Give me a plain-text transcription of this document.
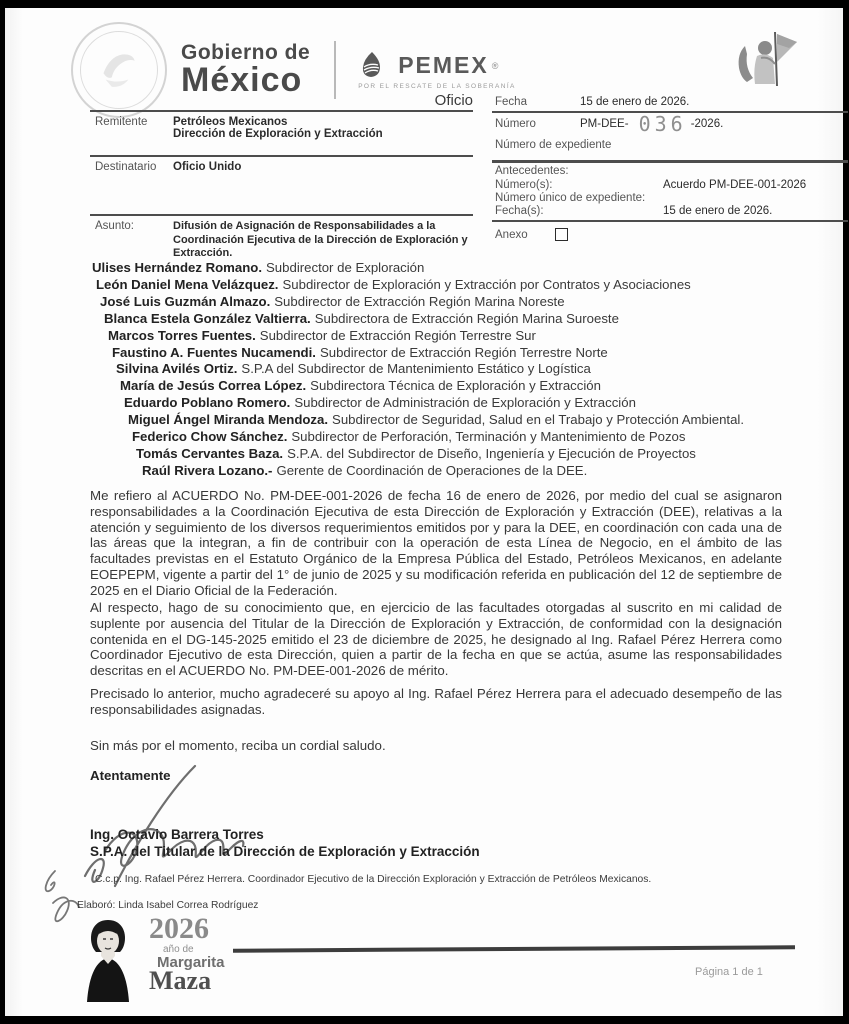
Gobierno de
México	PEMEX ®
POR EL RESCATE DE LA SOBERANÍA
Oficio
Remitente	Petróleos Mexicanos
Dirección de Exploración y Extracción
Destinatario	Oficio Unido
Asunto:	Difusión de Asignación de Responsabilidades a la Coordinación Ejecutiva de la Dirección de Exploración y Extracción.
Fecha	15 de enero de 2026.
Número	PM-DEE- 036 -2026.
Número de expediente
Antecedentes:
Número(s):	Acuerdo PM-DEE-001-2026
Número único de expediente:
Fecha(s):	15 de enero de 2026.
Anexo
Ulises Hernández Romano. Subdirector de Exploración
León Daniel Mena Velázquez. Subdirector de Exploración y Extracción por Contratos y Asociaciones
José Luis Guzmán Almazo. Subdirector de Extracción Región Marina Noreste
Blanca Estela González Valtierra. Subdirectora de Extracción Región Marina Suroeste
Marcos Torres Fuentes. Subdirector de Extracción Región Terrestre Sur
Faustino A. Fuentes Nucamendi. Subdirector de Extracción Región Terrestre Norte
Silvina Avilés Ortiz. S.P.A del Subdirector de Mantenimiento Estático y Logística
María de Jesús Correa López. Subdirectora Técnica de Exploración y Extracción
Eduardo Poblano Romero. Subdirector de Administración de Exploración y Extracción
Miguel Ángel Miranda Mendoza. Subdirector de Seguridad, Salud en el Trabajo y Protección Ambiental.
Federico Chow Sánchez. Subdirector de Perforación, Terminación y Mantenimiento de Pozos
Tomás Cervantes Baza. S.P.A. del Subdirector de Diseño, Ingeniería y Ejecución de Proyectos
Raúl Rivera Lozano.- Gerente de Coordinación de Operaciones de la DEE.
Me refiero al ACUERDO No. PM-DEE-001-2026 de fecha 16 de enero de 2026, por medio del cual se asignaron responsabilidades a la Coordinación Ejecutiva de esta Dirección de Exploración y Extracción (DEE), relativas a la atención y seguimiento de los diversos requerimientos emitidos por y para la DEE, en coordinación con cada una de las áreas que la integran, a fin de contribuir con la operación de esta Línea de Negocio, en el ámbito de las facultades previstas en el Estatuto Orgánico de la Empresa Pública del Estado, Petróleos Mexicanos, en adelante EOEPEPM, vigente a partir del 1° de junio de 2025 y su modificación referida en publicación del 12 de septiembre de 2025 en el Diario Oficial de la Federación.
Al respecto, hago de su conocimiento que, en ejercicio de las facultades otorgadas al suscrito en mi calidad de suplente por ausencia del Titular de la Dirección de Exploración y Extracción, de conformidad con la designación contenida en el DG-145-2025 emitido el 23 de diciembre de 2025, he designado al Ing. Rafael Pérez Herrera como Coordinador Ejecutivo de esta Dirección, quien a partir de la fecha en que se actúa, asume las responsabilidades descritas en el ACUERDO No. PM-DEE-001-2026 de mérito.
Precisado lo anterior, mucho agradeceré su apoyo al Ing. Rafael Pérez Herrera para el adecuado desempeño de las responsabilidades asignadas.
Sin más por el momento, reciba un cordial saludo.
Atentamente
Ing. Octavio Barrera Torres
S.P.A. del Titular de la Dirección de Exploración y Extracción
C.c.p. Ing. Rafael Pérez Herrera. Coordinador Ejecutivo de la Dirección Exploración y Extracción de Petróleos Mexicanos.
Elaboró: Linda Isabel Correa Rodríguez
2026
año de
Margarita
Maza	Página 1 de 1
